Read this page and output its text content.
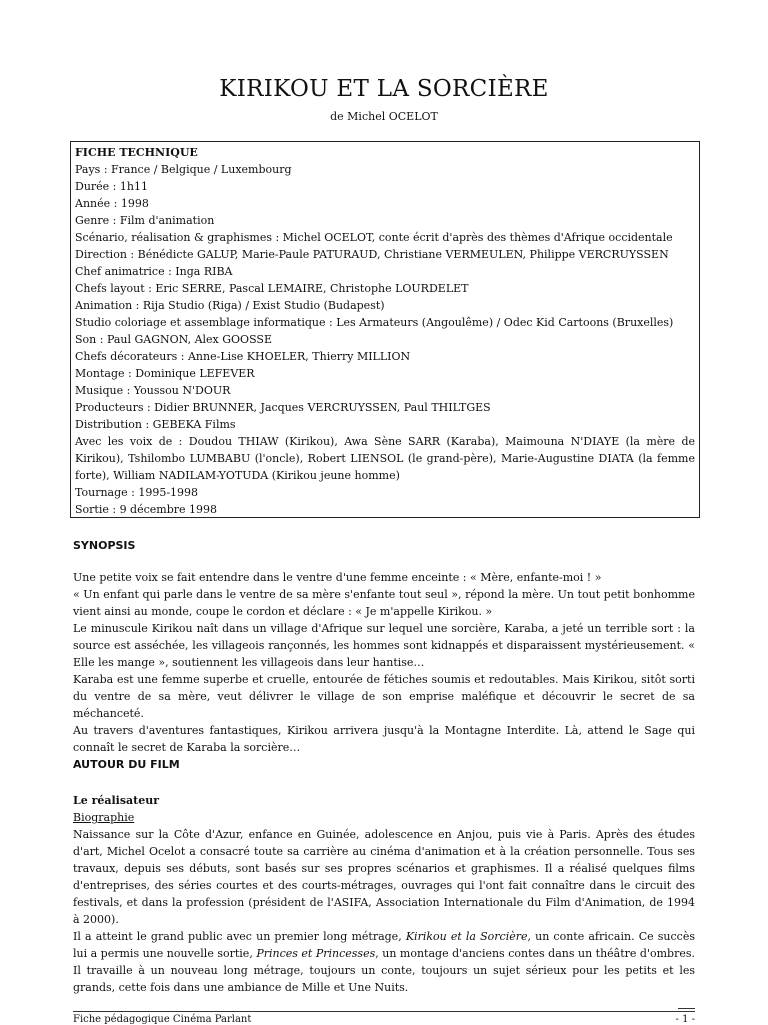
KIRIKOU ET LA SORCIÈRE
de Michel OCELOT
FICHE TECHNIQUE
Pays : France / Belgique / Luxembourg
Durée : 1h11
Année : 1998
Genre : Film d'animation
Scénario, réalisation & graphismes : Michel OCELOT, conte écrit d'après des thèmes d'Afrique occidentale
Direction : Bénédicte GALUP, Marie-Paule PATURAUD, Christiane VERMEULEN, Philippe VERCRUYSSEN
Chef animatrice : Inga RIBA
Chefs layout : Eric SERRE, Pascal LEMAIRE, Christophe LOURDELET
Animation : Rija Studio (Riga) / Exist Studio (Budapest)
Studio coloriage et assemblage informatique : Les Armateurs (Angoulême) / Odec Kid Cartoons (Bruxelles)
Son : Paul GAGNON, Alex GOOSSE
Chefs décorateurs : Anne-Lise KHOELER, Thierry MILLION
Montage : Dominique LEFEVER
Musique : Youssou N'DOUR
Producteurs : Didier BRUNNER, Jacques VERCRUYSSEN, Paul THILTGES
Distribution : GEBEKA Films
Avec les voix de : Doudou THIAW (Kirikou), Awa Sène SARR (Karaba), Maimouna N'DIAYE (la mère de Kirikou), Tshilombo LUMBABU (l'oncle), Robert LIENSOL (le grand-père), Marie-Augustine DIATA (la femme forte), William NADILAM-YOTUDA (Kirikou jeune homme)
Tournage : 1995-1998
Sortie : 9 décembre 1998
SYNOPSIS

Une petite voix se fait entendre dans le ventre d'une femme enceinte : « Mère, enfante-moi ! »

« Un enfant qui parle dans le ventre de sa mère s'enfante tout seul », répond la mère. Un tout petit bonhomme vient ainsi au monde, coupe le cordon et déclare : « Je m'appelle Kirikou. »

Le minuscule Kirikou naît dans un village d'Afrique sur lequel une sorcière, Karaba, a jeté un terrible sort : la source est asséchée, les villageois rançonnés, les hommes sont kidnappés et disparaissent mystérieusement. « Elle les mange », soutiennent les villageois dans leur hantise…

Karaba est une femme superbe et cruelle, entourée de fétiches soumis et redoutables. Mais Kirikou, sitôt sorti du ventre de sa mère, veut délivrer le village de son emprise maléfique et découvrir le secret de sa méchanceté.

Au travers d'aventures fantastiques, Kirikou arrivera jusqu'à la Montagne Interdite. Là, attend le Sage qui connaît le secret de Karaba la sorcière…

AUTOUR DU FILM
Le réalisateur
Biographie

Naissance sur la Côte d'Azur, enfance en Guinée, adolescence en Anjou, puis vie à Paris. Après des études d'art, Michel Ocelot a consacré toute sa carrière au cinéma d'animation et à la création personnelle. Tous ses travaux, depuis ses débuts, sont basés sur ses propres scénarios et graphismes. Il a réalisé quelques films d'entreprises, des séries courtes et des courts-métrages, ouvrages qui l'ont fait connaître dans le circuit des festivals, et dans la profession (président de l'ASIFA, Association Internationale du Film d'Animation, de 1994 à 2000).

Il a atteint le grand public avec un premier long métrage, Kirikou et la Sorcière, un conte africain. Ce succès lui a permis une nouvelle sortie, Princes et Princesses, un montage d'anciens contes dans un théâtre d'ombres. Il travaille à un nouveau long métrage, toujours un conte, toujours un sujet sérieux pour les petits et les grands, cette fois dans une ambiance de Mille et Une Nuits.

Fiche pédagogique Cinéma Parlant	- 1 -
